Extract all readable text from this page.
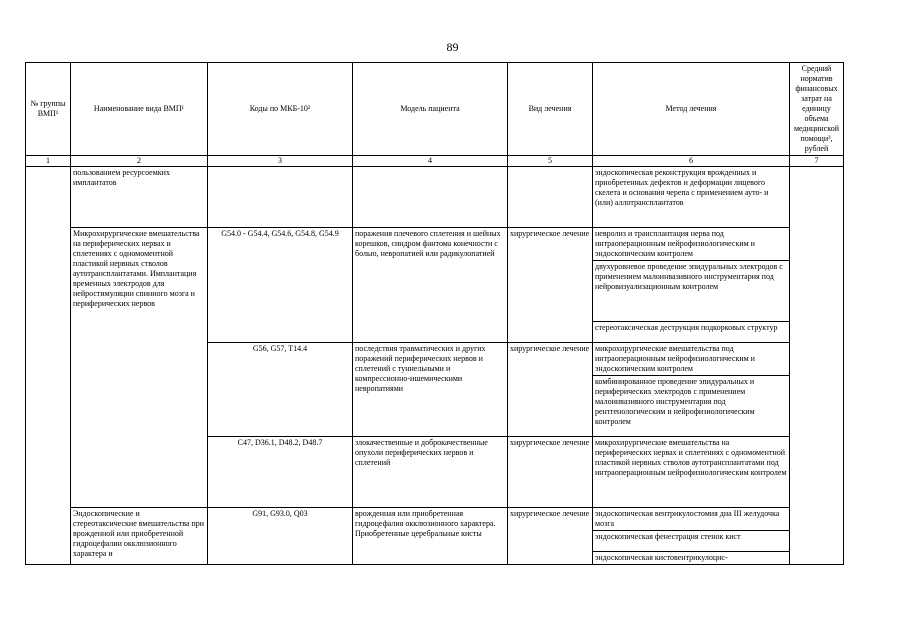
89
№ группы ВМП¹	Наименование вида ВМП¹	Коды по МКБ-10²	Модель пациента	Вид лечения	Метод лечения	Средний норматив финансовых затрат на единицу объема медицинской помощи³, рублей
1	2	3	4	5	6	7
	пользованием ресурсоемких имплантатов				эндоскопическая реконструкция врожденных и приобретенных дефектов и деформации лицевого скелета и основания черепа с применением ауто- и (или) аллотрансплантатов	
	Микрохирургические вмешательства на периферических нервах и сплетениях с одномоментной пластикой нервных стволов аутотрансплантатами. Имплантация временных электродов для нейростимуляции спинного мозга и периферических нервов	G54.0 - G54.4, G54.6, G54.8, G54.9	поражения плечевого сплетения и шейных корешков, синдром фантома конечности с болью, невропатией или радикулопатией	хирургическое лечение	невролиз и трансплантация нерва под интраоперационным нейрофизиологическим и эндоскопическим контролем	
					двухуровневое проведение эпидуральных электродов с применением малоинвазивного инструментария под нейровизуализационным контролем	
					стереотаксическая деструкция подкорковых структур	
		G56, G57, T14.4	последствия травматических и других поражений периферических нервов и сплетений с туннельными и компрессионно-ишемическими невропатиями	хирургическое лечение	микрохирургические вмешательства под интраоперационным нейрофизиологическим и эндоскопическим контролем	
					комбинированное проведение эпидуральных и периферических электродов с применением малоинвазивного инструментария под рентгенологическим и нейрофизиологическим контролем	
		C47, D36.1, D48.2, D48.7	злокачественные и доброкачественные опухоли периферических нервов и сплетений	хирургическое лечение	микрохирургические вмешательства на периферических нервах и сплетениях с одномоментной пластикой нервных стволов аутотрансплантатами под интраоперационным нейрофизиологическим контролем	
	Эндоскопические и стереотаксические вмешательства при врожденной или приобретенной гидроцефалии окклюзионного характера и	G91, G93.0, Q03	врожденная или приобретенная гидроцефалия окклюзионного характера. Приобретенные церебральные кисты	хирургическое лечение	эндоскопическая вентрикулостомия дна III желудочка мозга	
					эндоскопическая фенестрация стенок кист	
					эндоскопическая кистовентрикулоцис-	
